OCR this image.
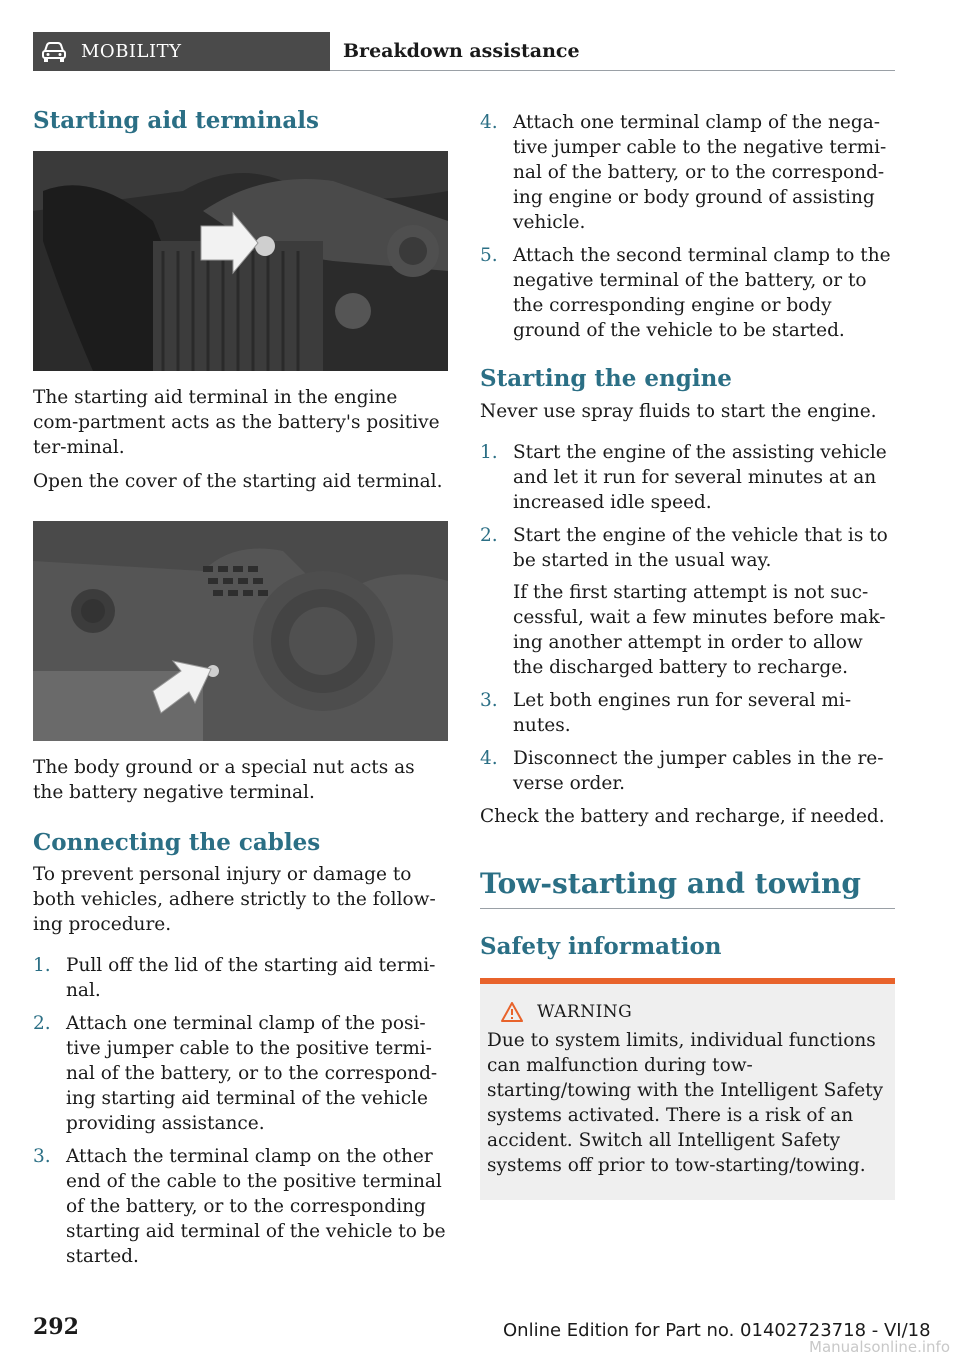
MOBILITY	Breakdown assistance
Starting aid terminals

The starting aid terminal in the engine com-partment acts as the battery's positive ter-minal.

Open the cover of the starting aid terminal.

The body ground or a special nut acts as the battery negative terminal.

Connecting the cables

To prevent personal injury or damage to both vehicles, adhere strictly to the follow-ing procedure.

1. Pull off the lid of the starting aid termi-nal.
2. Attach one terminal clamp of the posi-tive jumper cable to the positive termi-nal of the battery, or to the correspond-ing starting aid terminal of the vehicle providing assistance.
3. Attach the terminal clamp on the other end of the cable to the positive terminal of the battery, or to the corresponding starting aid terminal of the vehicle to be started.
4. Attach one terminal clamp of the nega-tive jumper cable to the negative termi-nal of the battery, or to the correspond-ing engine or body ground of assisting vehicle.
5. Attach the second terminal clamp to the negative terminal of the battery, or to the corresponding engine or body ground of the vehicle to be started.
Starting the engine

Never use spray fluids to start the engine.

1. Start the engine of the assisting vehicle and let it run for several minutes at an increased idle speed.
2. Start the engine of the vehicle that is to be started in the usual way.
If the first starting attempt is not suc-cessful, wait a few minutes before mak-ing another attempt in order to allow the discharged battery to recharge.
3. Let both engines run for several mi-nutes.
4. Disconnect the jumper cables in the re-verse order.

Check the battery and recharge, if needed.

Tow-starting and towing
Safety information
WARNING

Due to system limits, individual functions can malfunction during tow-starting/towing with the Intelligent Safety systems activated. There is a risk of an accident. Switch all Intelligent Safety systems off prior to tow-starting/towing.

292	Online Edition for Part no. 01402723718 - VI/18
Manualsonline.info
